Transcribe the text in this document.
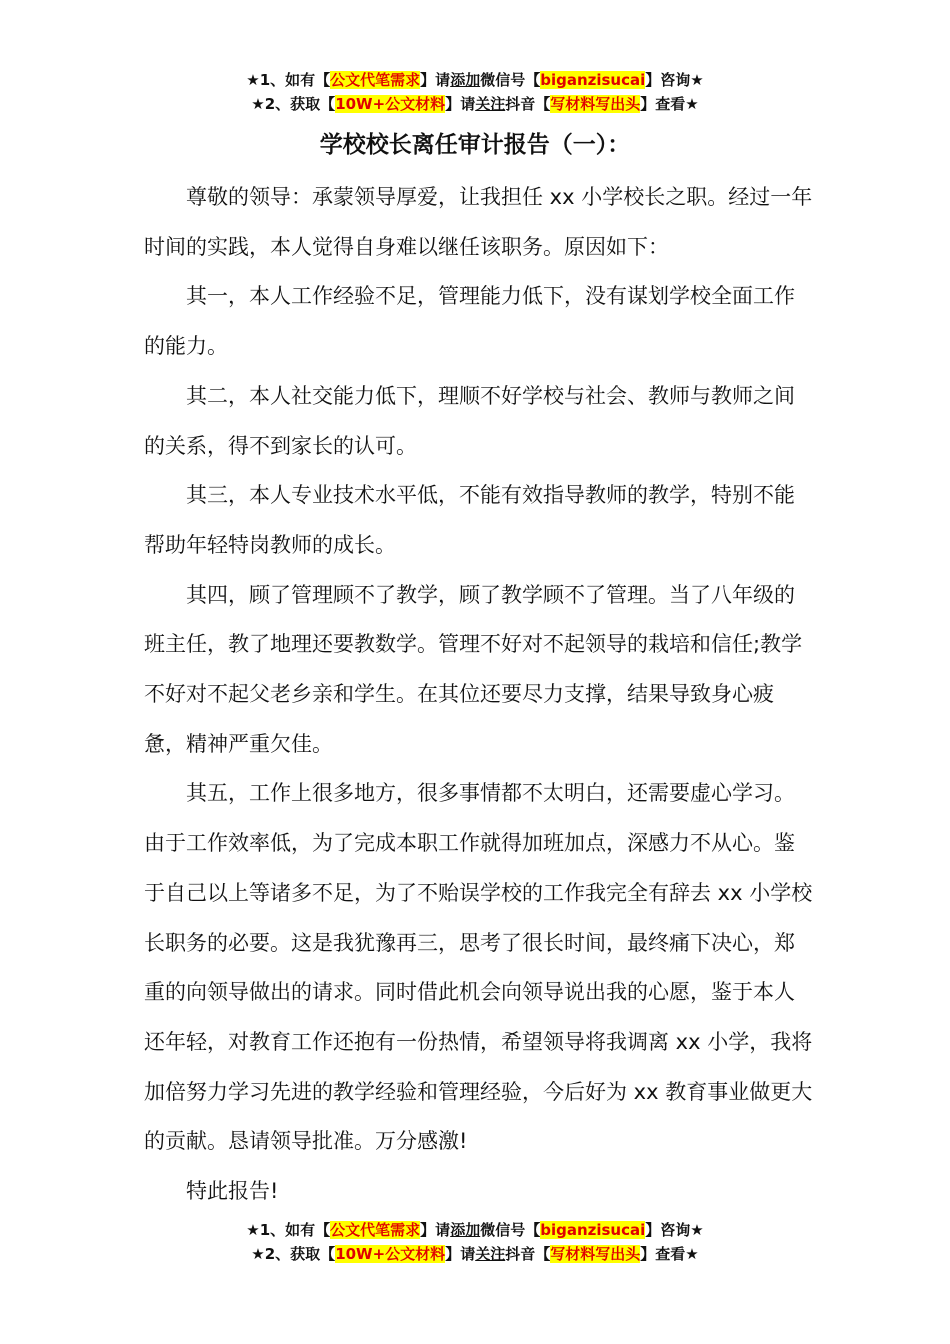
★1、如有【公文代笔需求】请添加微信号【biganzisucai】咨询★
★2、获取【10W+公文材料】请关注抖音【写材料写出头】查看★
学校校长离任审计报告（一）：

尊敬的领导：承蒙领导厚爱，让我担任 xx 小学校长之职。经过一年时间的实践，本人觉得自身难以继任该职务。原因如下：

其一，本人工作经验不足，管理能力低下，没有谋划学校全面工作的能力。

其二，本人社交能力低下，理顺不好学校与社会、教师与教师之间的关系，得不到家长的认可。

其三，本人专业技术水平低，不能有效指导教师的教学，特别不能帮助年轻特岗教师的成长。

其四，顾了管理顾不了教学，顾了教学顾不了管理。当了八年级的班主任，教了地理还要教数学。管理不好对不起领导的栽培和信任;教学不好对不起父老乡亲和学生。在其位还要尽力支撑，结果导致身心疲惫，精神严重欠佳。

其五，工作上很多地方，很多事情都不太明白，还需要虚心学习。由于工作效率低，为了完成本职工作就得加班加点，深感力不从心。鉴于自己以上等诸多不足，为了不贻误学校的工作我完全有辞去 xx 小学校长职务的必要。这是我犹豫再三，思考了很长时间，最终痛下决心，郑重的向领导做出的请求。同时借此机会向领导说出我的心愿，鉴于本人还年轻，对教育工作还抱有一份热情，希望领导将我调离 xx 小学，我将加倍努力学习先进的教学经验和管理经验，今后好为 xx 教育事业做更大的贡献。恳请领导批准。万分感激!

特此报告!

★1、如有【公文代笔需求】请添加微信号【biganzisucai】咨询★
★2、获取【10W+公文材料】请关注抖音【写材料写出头】查看★
